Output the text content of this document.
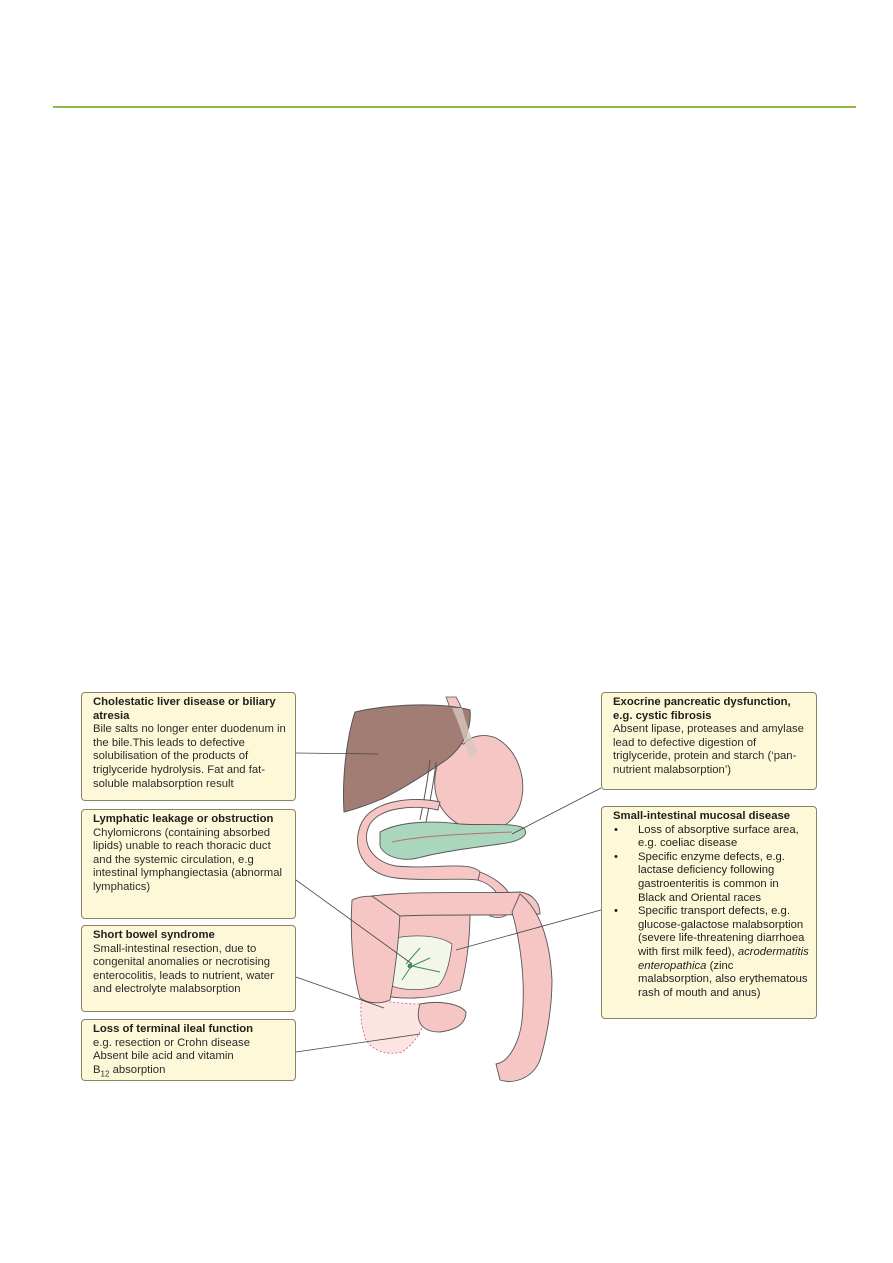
Cholestatic liver disease or biliary atresia
Bile salts no longer enter duodenum in the bile.This leads to defective solubilisation of the products of triglyceride hydrolysis. Fat and fat-soluble malabsorption result
Lymphatic leakage or obstruction
Chylomicrons (containing absorbed lipids) unable to reach thoracic duct and the systemic circulation, e.g intestinal lymphangiectasia (abnormal lymphatics)
Short bowel syndrome
Small-intestinal resection, due to congenital anomalies or necrotising enterocolitis, leads to nutrient, water and electrolyte malabsorption
Loss of terminal ileal function
e.g. resection or Crohn disease
Absent bile acid and vitamin
$B_{12}$ absorption
Exocrine pancreatic dysfunction, e.g. cystic fibrosis
Absent lipase, proteases and amylase lead to defective digestion of triglyceride, protein and starch (‘pan-nutrient malabsorption’)
Small-intestinal mucosal disease
• Loss of absorptive surface area, e.g. coeliac disease
• Specific enzyme defects, e.g. lactase deficiency following gastroenteritis is common in Black and Oriental races
• Specific transport defects, e.g. glucose-galactose malabsorption (severe life-threatening diarrhoea with first milk feed), acrodermatitis enteropathica (zinc malabsorption, also erythematous rash of mouth and anus)
